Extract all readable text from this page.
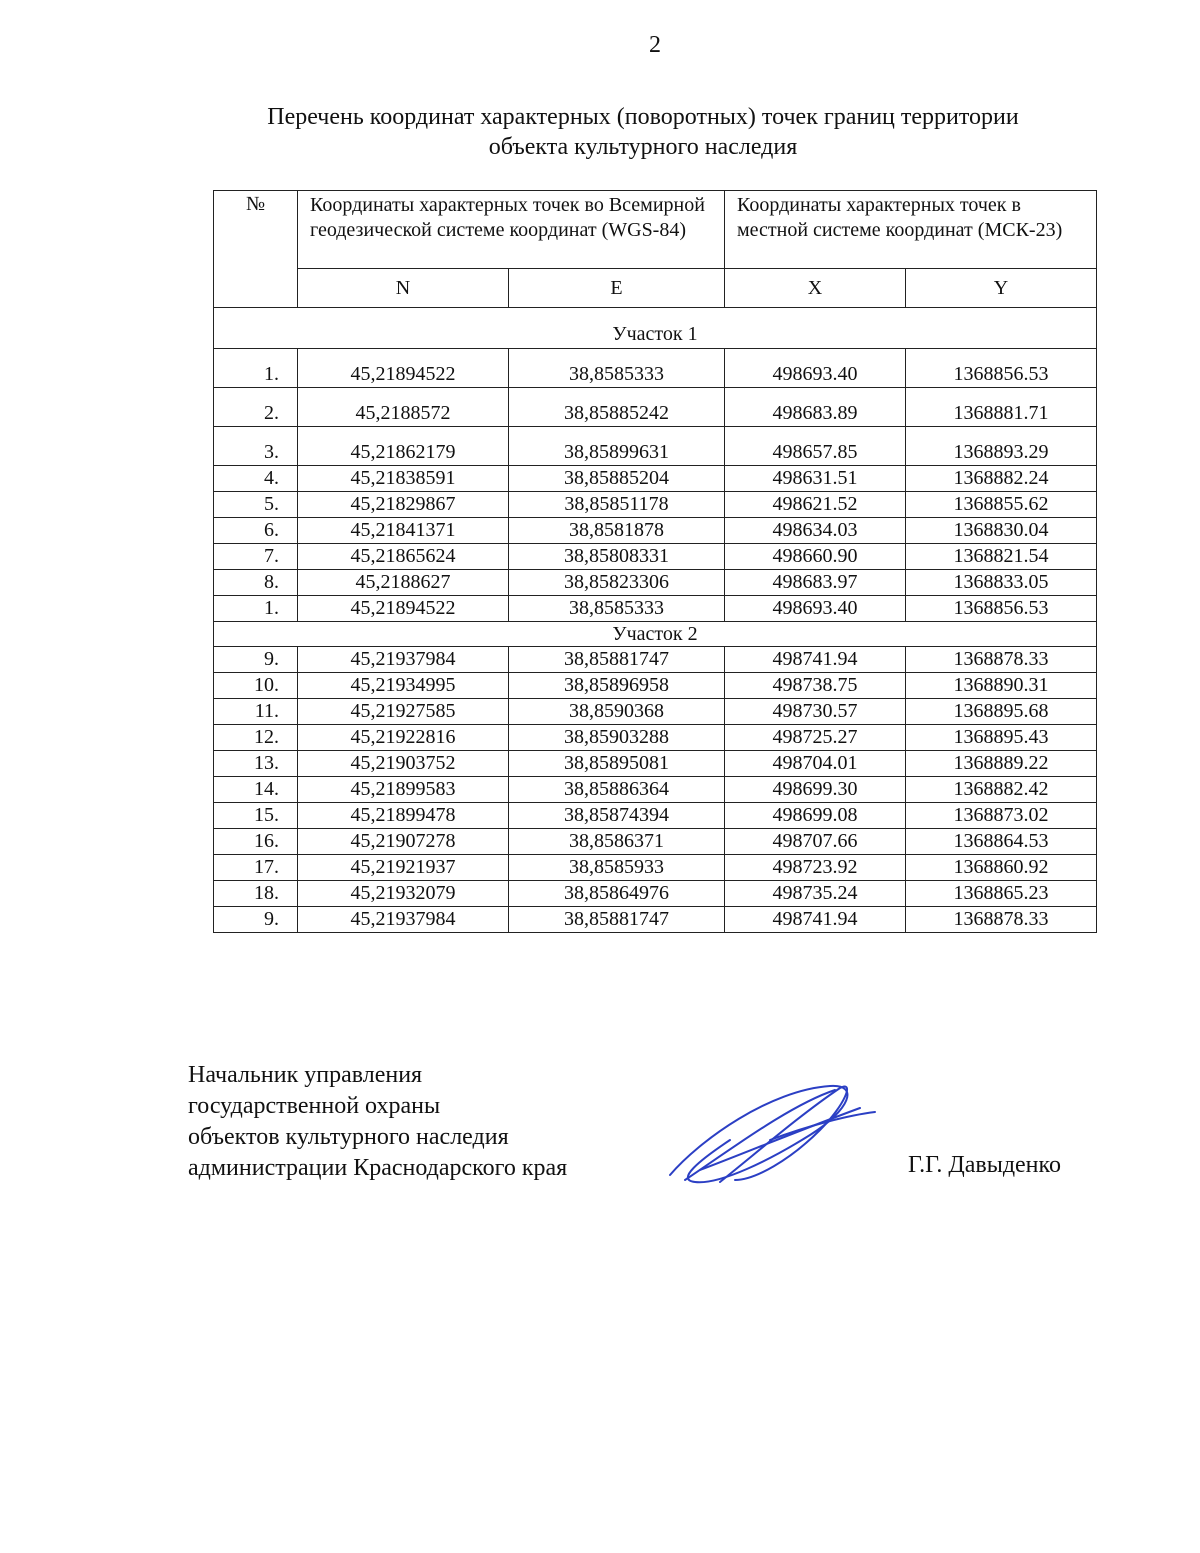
2
Перечень координат характерных (поворотных) точек границ территории
объекта культурного наследия
№	Координаты характерных точек во Всемирной геодезической системе координат (WGS-84)		Координаты характерных точек в местной системе координат (МСК-23)	
	N	E	X	Y
Участок 1				
1.	45,21894522	38,8585333	498693.40	1368856.53
2.	45,2188572	38,85885242	498683.89	1368881.71
3.	45,21862179	38,85899631	498657.85	1368893.29
4.	45,21838591	38,85885204	498631.51	1368882.24
5.	45,21829867	38,85851178	498621.52	1368855.62
6.	45,21841371	38,8581878	498634.03	1368830.04
7.	45,21865624	38,85808331	498660.90	1368821.54
8.	45,2188627	38,85823306	498683.97	1368833.05
1.	45,21894522	38,8585333	498693.40	1368856.53
Участок 2				
9.	45,21937984	38,85881747	498741.94	1368878.33
10.	45,21934995	38,85896958	498738.75	1368890.31
11.	45,21927585	38,8590368	498730.57	1368895.68
12.	45,21922816	38,85903288	498725.27	1368895.43
13.	45,21903752	38,85895081	498704.01	1368889.22
14.	45,21899583	38,85886364	498699.30	1368882.42
15.	45,21899478	38,85874394	498699.08	1368873.02
16.	45,21907278	38,8586371	498707.66	1368864.53
17.	45,21921937	38,8585933	498723.92	1368860.92
18.	45,21932079	38,85864976	498735.24	1368865.23
9.	45,21937984	38,85881747	498741.94	1368878.33
Начальник управления
государственной охраны
объектов культурного наследия
администрации Краснодарского края	Г.Г. Давыденко
